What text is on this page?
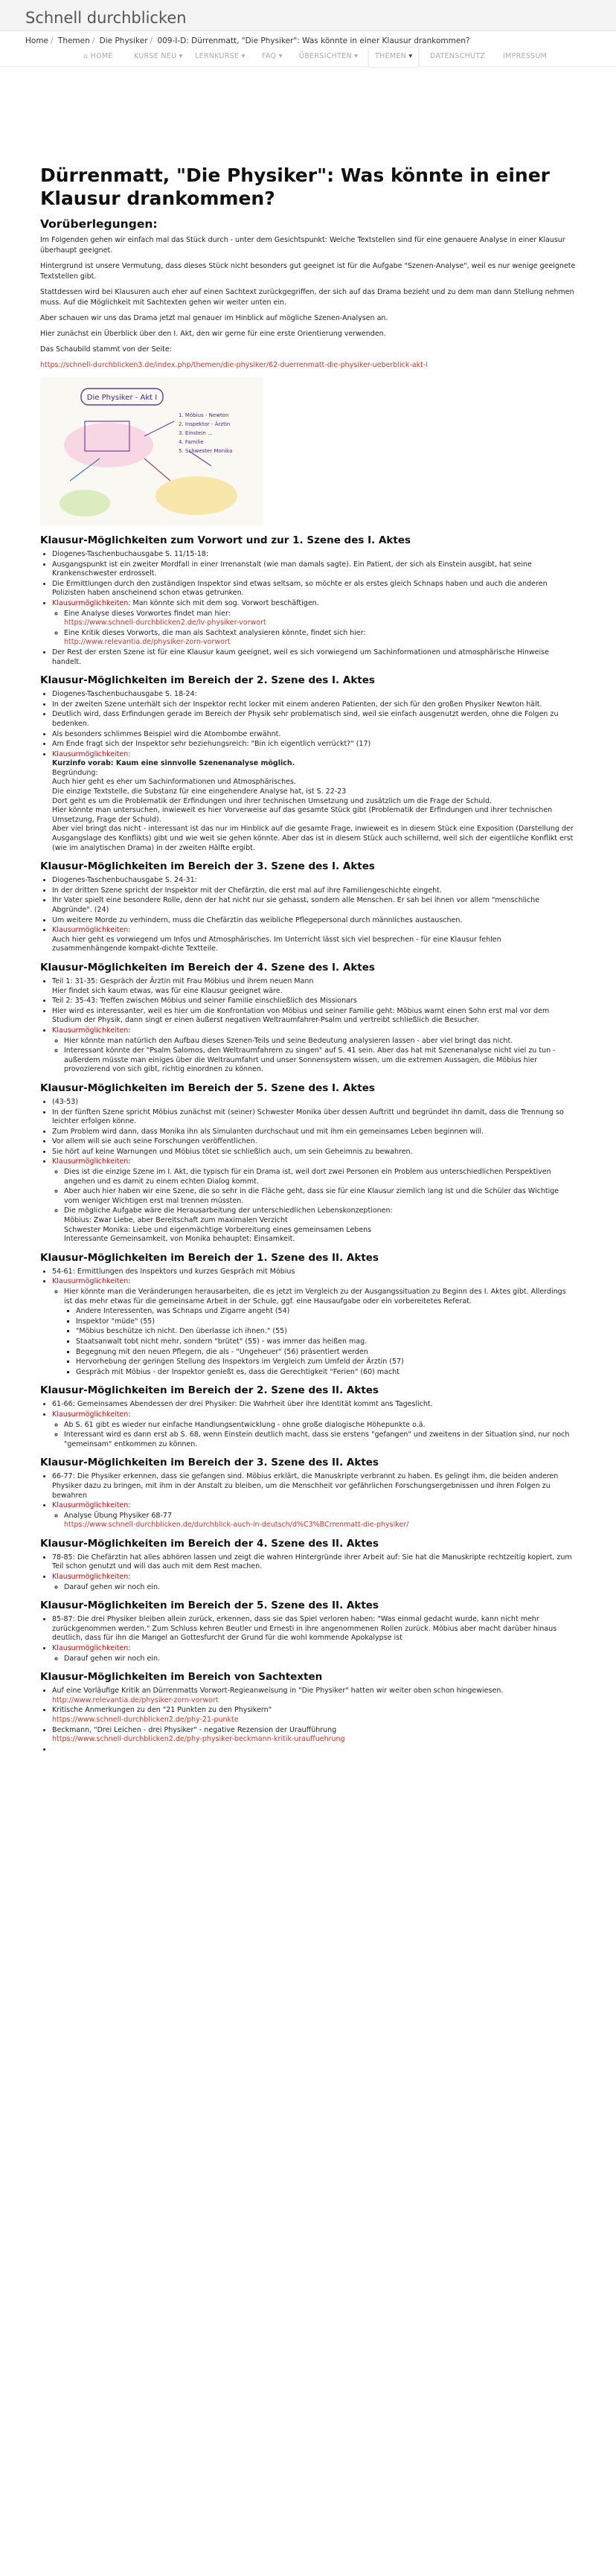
Schnell durchblicken
Home / Themen / Die Physiker / 009-I-D: Dürrenmatt, "Die Physiker": Was könnte in einer Klausur drankommen?
⌂ HOME	KURSE NEU ▾ LERNKURSE ▾ FAQ ▾ ÜBERSICHTEN ▾	THEMEN ▾	DATENSCHUTZ	IMPRESSUM
Dürrenmatt, "Die Physiker": Was könnte in einer Klausur drankommen?
Vorüberlegungen:

Im Folgenden gehen wir einfach mal das Stück durch - unter dem Gesichtspunkt: Welche Textstellen sind für eine genauere Analyse in einer Klausur überhaupt geeignet.

Hintergrund ist unsere Vermutung, dass dieses Stück nicht besonders gut geeignet ist für die Aufgabe "Szenen-Analyse", weil es nur wenige geeignete Textstellen gibt.

Stattdessen wird bei Klausuren auch eher auf einen Sachtext zurückgegriffen, der sich auf das Drama bezieht und zu dem man dann Stellung nehmen muss. Auf die Möglichkeit mit Sachtexten gehen wir weiter unten ein.

Aber schauen wir uns das Drama jetzt mal genauer im Hinblick auf mögliche Szenen-Analysen an.

Hier zunächst ein Überblick über den I. Akt, den wir gerne für eine erste Orientierung verwenden.

Das Schaubild stammt von der Seite:

https://schnell-durchblicken3.de/index.php/themen/die-physiker/62-duerrenmatt-die-physiker-ueberblick-akt-i

Die Physiker - Akt I
1. Möbius - Newton
2. Inspektor - Ärztin
3. Einstein ...
4. Familie
5. Schwester Monika
Klausur-Möglichkeiten zum Vorwort und zur 1. Szene des I. Aktes
• Diogenes-Taschenbuchausgabe S. 11/15-18:
• Ausgangspunkt ist ein zweiter Mordfall in einer Irrenanstalt (wie man damals sagte). Ein Patient, der sich als Einstein ausgibt, hat seine Krankenschwester erdrosselt.
• Die Ermittlungen durch den zuständigen Inspektor sind etwas seltsam, so möchte er als erstes gleich Schnaps haben und auch die anderen Polizisten haben anscheinend schon etwas getrunken.
• Klausurmöglichkeiten: Man könnte sich mit dem sog. Vorwort beschäftigen.
◦ Eine Analyse dieses Vorwortes findet man hier:
https://www.schnell-durchblicken2.de/lv-physiker-vorwort
◦ Eine Kritik dieses Vorworts, die man als Sachtext analysieren könnte, findet sich hier:
http://www.relevantia.de/physiker-zorn-vorwort
• Der Rest der ersten Szene ist für eine Klausur kaum geeignet, weil es sich vorwiegend um Sachinformationen und atmosphärische Hinweise handelt.
Klausur-Möglichkeiten im Bereich der 2. Szene des I. Aktes
• Diogenes-Taschenbuchausgabe S. 18-24:
• In der zweiten Szene unterhält sich der Inspektor recht locker mit einem anderen Patienten, der sich für den großen Physiker Newton hält.
• Deutlich wird, dass Erfindungen gerade im Bereich der Physik sehr problematisch sind, weil sie einfach ausgenutzt werden, ohne die Folgen zu bedenken.
• Als besonders schlimmes Beispiel wird die Atombombe erwähnt.
• Am Ende fragt sich der Inspektor sehr beziehungsreich: "Bin ich eigentlich verrückt?" (17)
• Klausurmöglichkeiten:
Kurzinfo vorab: Kaum eine sinnvolle Szenenanalyse möglich.
Begründung:
Auch hier geht es eher um Sachinformationen und Atmosphärisches.
Die einzige Textstelle, die Substanz für eine eingehendere Analyse hat, ist S. 22-23
Dort geht es um die Problematik der Erfindungen und ihrer technischen Umsetzung und zusätzlich um die Frage der Schuld.
Hier könnte man untersuchen, inwieweit es hier Vorverweise auf das gesamte Stück gibt (Problematik der Erfindungen und ihrer technischen Umsetzung, Frage der Schuld).
Aber viel bringt das nicht - interessant ist das nur im Hinblick auf die gesamte Frage, inwieweit es in diesem Stück eine Exposition (Darstellung der Ausgangslage des Konflikts) gibt und wie weit sie gehen könnte. Aber das ist in diesem Stück auch schillernd, weil sich der eigentliche Konflikt erst (wie im analytischen Drama) in der zweiten Hälfte ergibt.
Klausur-Möglichkeiten im Bereich der 3. Szene des I. Aktes
• Diogenes-Taschenbuchausgabe S. 24-31:
• In der dritten Szene spricht der Inspektor mit der Chefärztin, die erst mal auf ihre Familiengeschichte eingeht.
• Ihr Vater spielt eine besondere Rolle, denn der hat nicht nur sie gehasst, sondern alle Menschen. Er sah bei ihnen vor allem "menschliche Abgründe". (24)
• Um weitere Morde zu verhindern, muss die Chefärztin das weibliche Pflegepersonal durch männliches austauschen.
• Klausurmöglichkeiten:
Auch hier geht es vorwiegend um Infos und Atmosphärisches. Im Unterricht lässt sich viel besprechen - für eine Klausur fehlen zusammenhängende kompakt-dichte Textteile.
Klausur-Möglichkeiten im Bereich der 4. Szene des I. Aktes
• Teil 1: 31-35: Gespräch der Ärztin mit Frau Möbius und ihrem neuen Mann
Hier findet sich kaum etwas, was für eine Klausur geeignet wäre.
• Teil 2: 35-43: Treffen zwischen Möbius und seiner Familie einschließlich des Missionars
• Hier wird es interessanter, weil es hier um die Konfrontation von Möbius und seiner Familie geht: Möbius warnt einen Sohn erst mal vor dem Studium der Physik, dann singt er einen äußerst negativen Weltraumfahrer-Psalm und vertreibt schließlich die Besucher.
• Klausurmöglichkeiten:
◦ Hier könnte man natürlich den Aufbau dieses Szenen-Teils und seine Bedeutung analysieren lassen - aber viel bringt das nicht.
◦ Interessant könnte der "Psalm Salomos, den Weltraumfahrern zu singen" auf S. 41 sein. Aber das hat mit Szenenanalyse nicht viel zu tun - außerdem müsste man einiges über die Weltraumfahrt und unser Sonnensystem wissen, um die extremen Aussagen, die Möbius hier provozierend von sich gibt, richtig einordnen zu können.
Klausur-Möglichkeiten im Bereich der 5. Szene des I. Aktes
• (43-53)
• In der fünften Szene spricht Möbius zunächst mit (seiner) Schwester Monika über dessen Auftritt und begründet ihn damit, dass die Trennung so leichter erfolgen könne.
• Zum Problem wird dann, dass Monika ihn als Simulanten durchschaut und mit ihm ein gemeinsames Leben beginnen will.
• Vor allem will sie auch seine Forschungen veröffentlichen.
• Sie hört auf keine Warnungen und Möbius tötet sie schließlich auch, um sein Geheimnis zu bewahren.
• Klausurmöglichkeiten:
◦ Dies ist die einzige Szene im I. Akt, die typisch für ein Drama ist, weil dort zwei Personen ein Problem aus unterschiedlichen Perspektiven angehen und es damit zu einem echten Dialog kommt.
◦ Aber auch hier haben wir eine Szene, die so sehr in die Fläche geht, dass sie für eine Klausur ziemlich lang ist und die Schüler das Wichtige vom weniger Wichtigen erst mal trennen müssten.
◦ Die mögliche Aufgabe wäre die Herausarbeitung der unterschiedlichen Lebenskonzeptionen:
Möbius: Zwar Liebe, aber Bereitschaft zum maximalen Verzicht
Schwester Monika: Liebe und eigenmächtige Vorbereitung eines gemeinsamen Lebens
Interessante Gemeinsamkeit, von Monika behauptet: Einsamkeit.
Klausur-Möglichkeiten im Bereich der 1. Szene des II. Aktes
• 54-61: Ermittlungen des Inspektors und kurzes Gespräch mit Möbius
• Klausurmöglichkeiten:
◦ Hier könnte man die Veränderungen herausarbeiten, die es jetzt im Vergleich zu der Ausgangssituation zu Beginn des I. Aktes gibt. Allerdings ist das mehr etwas für die gemeinsame Arbeit in der Schule, ggf. eine Hausaufgabe oder ein vorbereitetes Referat.
▪ Andere Interessenten, was Schnaps und Zigarre angeht (54)
▪ Inspektor "müde" (55)
▪ "Möbius beschütze ich nicht. Den überlasse ich ihnen." (55)
▪ Staatsanwalt tobt nicht mehr, sondern "brütet" (55) - was immer das heißen mag.
▪ Begegnung mit den neuen Pflegern, die als - "Ungeheuer" (56) präsentiert werden
▪ Hervorhebung der geringen Stellung des Inspektors im Vergleich zum Umfeld der Ärztin (57)
▪ Gespräch mit Möbius - der Inspektor genießt es, dass die Gerechtigkeit "Ferien" (60) macht
Klausur-Möglichkeiten im Bereich der 2. Szene des II. Aktes
• 61-66: Gemeinsames Abendessen der drei Physiker: Die Wahrheit über ihre Identität kommt ans Tageslicht.
• Klausurmöglichkeiten:
◦ Ab S. 61 gibt es wieder nur einfache Handlungsentwicklung - ohne große dialogische Höhepunkte o.ä.
◦ Interessant wird es dann erst ab S. 68, wenn Einstein deutlich macht, dass sie erstens "gefangen" und zweitens in der Situation sind, nur noch "gemeinsam" entkommen zu können.
Klausur-Möglichkeiten im Bereich der 3. Szene des II. Aktes
• 66-77: Die Physiker erkennen, dass sie gefangen sind. Möbius erklärt, die Manuskripte verbrannt zu haben. Es gelingt ihm, die beiden anderen Physiker dazu zu bringen, mit ihm in der Anstalt zu bleiben, um die Menschheit vor gefährlichen Forschungsergebnissen und ihren Folgen zu bewahren
• Klausurmöglichkeiten:
◦ Analyse Übung Physiker 68-77
https://www.schnell-durchblicken.de/durchblick-auch-in-deutsch/d%C3%BCrrenmatt-die-physiker/
Klausur-Möglichkeiten im Bereich der 4. Szene des II. Aktes
• 78-85: Die Chefärztin hat alles abhören lassen und zeigt die wahren Hintergründe ihrer Arbeit auf: Sie hat die Manuskripte rechtzeitig kopiert, zum Teil schon genutzt und will das auch mit dem Rest machen.
• Klausurmöglichkeiten:
◦ Darauf gehen wir noch ein.
Klausur-Möglichkeiten im Bereich der 5. Szene des II. Aktes
• 85-87: Die drei Physiker bleiben allein zurück, erkennen, dass sie das Spiel verloren haben: "Was einmal gedacht wurde, kann nicht mehr zurückgenommen werden." Zum Schluss kehren Beutler und Ernesti in ihre angenommenen Rollen zurück. Möbius aber macht darüber hinaus deutlich, dass für ihn die Mangel an Gottesfurcht der Grund für die wohl kommende Apokalypse ist
• Klausurmöglichkeiten:
◦ Darauf gehen wir noch ein.
Klausur-Möglichkeiten im Bereich von Sachtexten
• Auf eine Vorläufige Kritik an Dürrenmatts Vorwort-Regieanweisung in "Die Physiker" hatten wir weiter oben schon hingewiesen.
http://www.relevantia.de/physiker-zorn-vorwort
• Kritische Anmerkungen zu den "21 Punkten zu den Physikern"
https://www.schnell-durchblicken2.de/phy-21-punkte
• Beckmann, "Drei Leichen - drei Physiker" - negative Rezension der Uraufführung
https://www.schnell-durchblicken2.de/phy-physiker-beckmann-kritik-urauffuehrung
•
